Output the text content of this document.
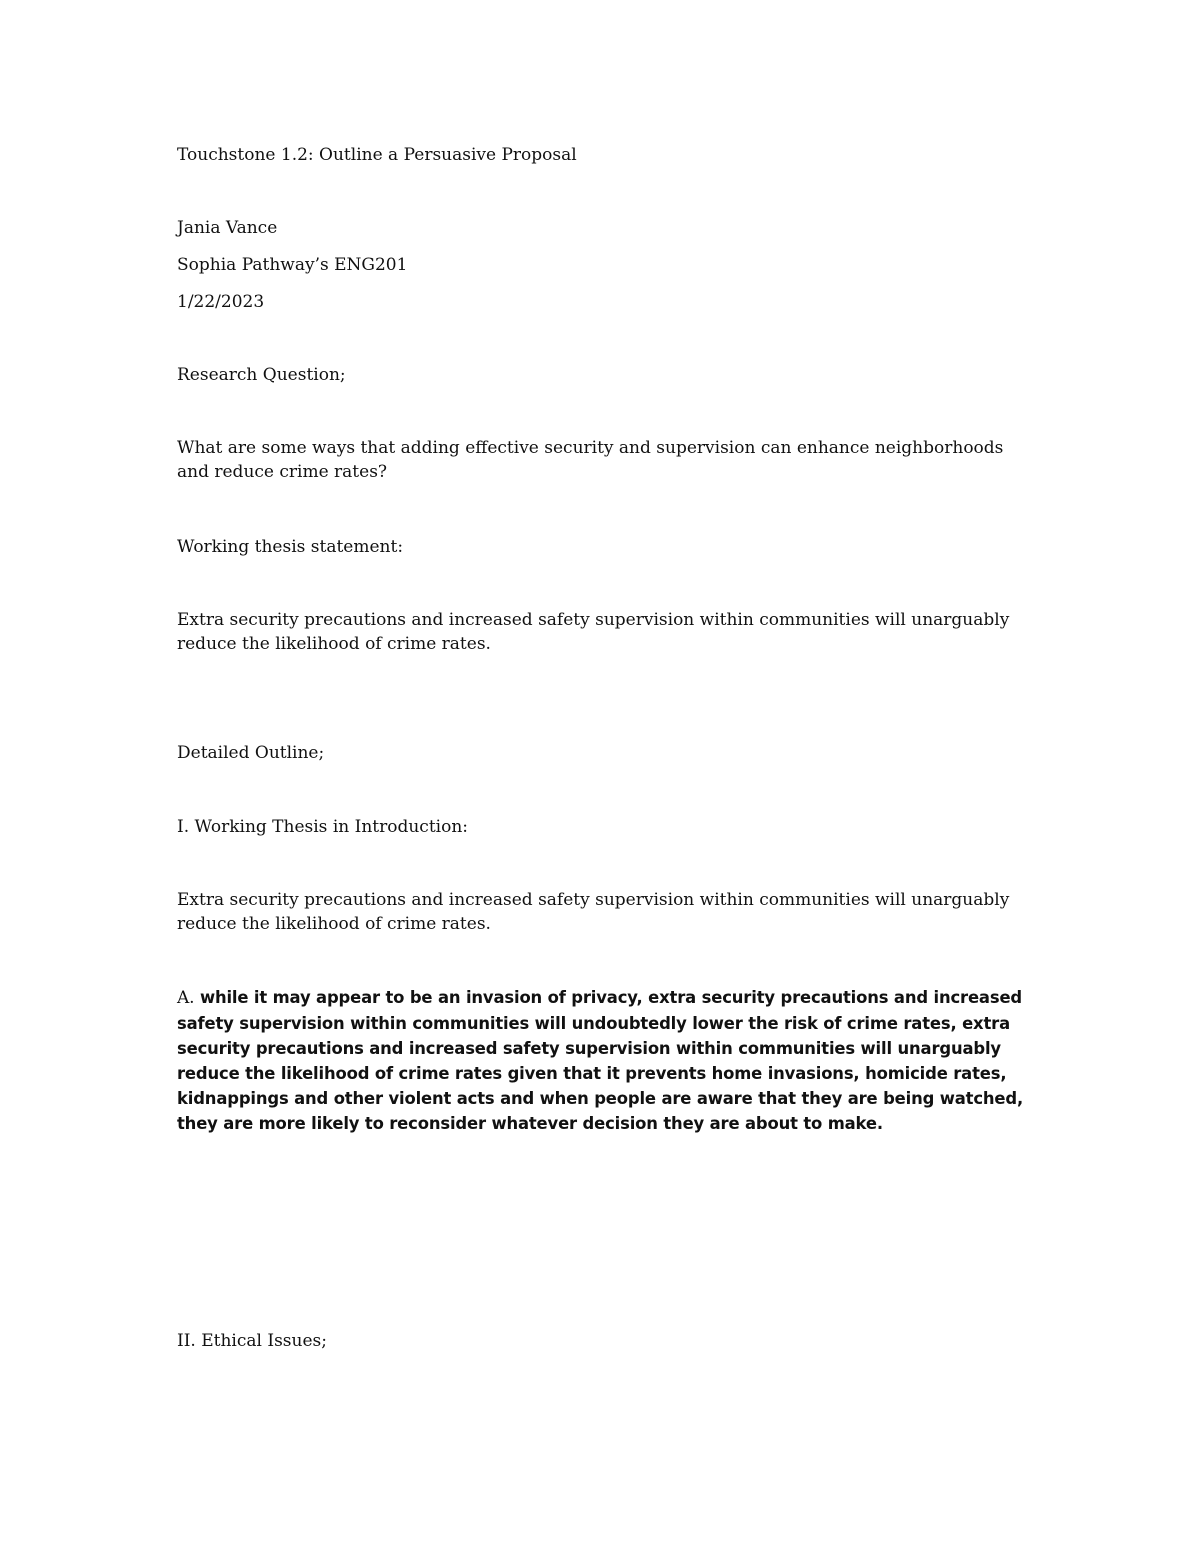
Touchstone 1.2: Outline a Persuasive Proposal

Jania Vance

Sophia Pathway’s ENG201

1/22/2023

Research Question;

What are some ways that adding effective security and supervision can enhance neighborhoods and reduce crime rates?

Working thesis statement:

Extra security precautions and increased safety supervision within communities will unarguably reduce the likelihood of crime rates.

Detailed Outline;

I. Working Thesis in Introduction:

Extra security precautions and increased safety supervision within communities will unarguably reduce the likelihood of crime rates.

A. while it may appear to be an invasion of privacy, extra security precautions and increased safety supervision within communities will undoubtedly lower the risk of crime rates, extra security precautions and increased safety supervision within communities will unarguably reduce the likelihood of crime rates given that it prevents home invasions, homicide rates, kidnappings and other violent acts and when people are aware that they are being watched, they are more likely to reconsider whatever decision they are about to make.

II. Ethical Issues;
